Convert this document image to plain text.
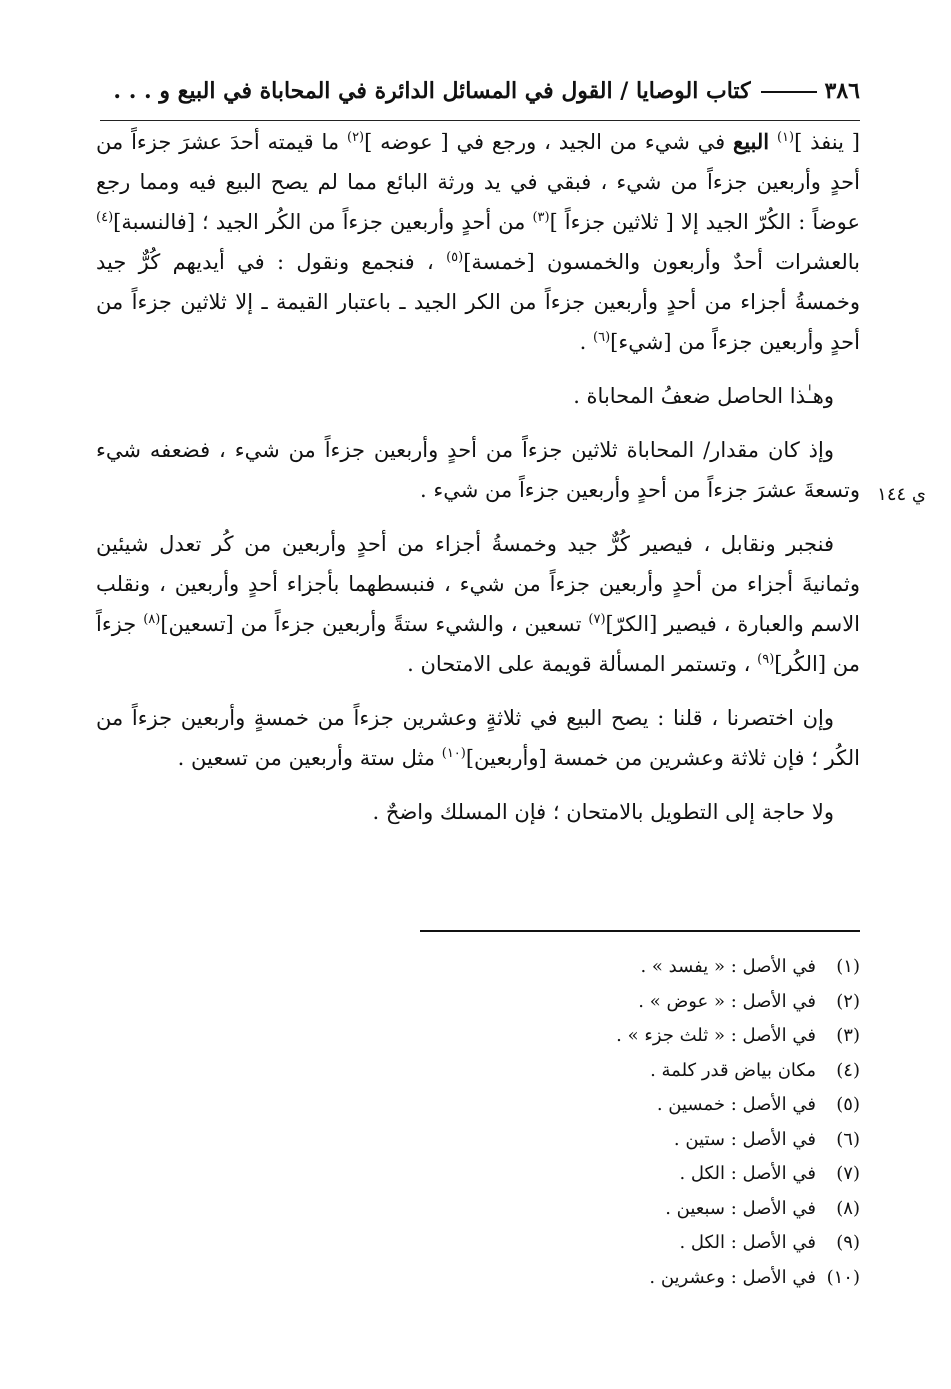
٣٨٦كتاب الوصايا / القول في المسائل الدائرة في المحاباة في البيع و . . .
ي ١٤٤

[ ينفذ ]$^{(١)}$ البيع في شيء من الجيد ، ورجع في [ عوضه ]$^{(٢)}$ ما قيمته أحدَ عشرَ جزءاً من أحدٍ وأربعين جزءاً من شيء ، فبقي في يد ورثة البائع مما لم يصح البيع فيه ومما رجع عوضاً : الكُرّ الجيد إلا [ ثلاثين جزءاً ]$^{(٣)}$ من أحدٍ وأربعين جزءاً من الكُر الجيد ؛ [فالنسبة]$^{(٤)}$ بالعشرات أحدٌ وأربعون والخمسون [خمسة]$^{(٥)}$ ، فنجمع ونقول : في أيديهم كُرٌّ جيد وخمسةُ أجزاء من أحدٍ وأربعين جزءاً من الكر الجيد ـ باعتبار القيمة ـ إلا ثلاثين جزءاً من أحدٍ وأربعين جزءاً من [شيء]$^{(٦)}$ .

وهـٰذا الحاصل ضعفُ المحاباة .

وإذ كان مقدار/ المحاباة ثلاثين جزءاً من أحدٍ وأربعين جزءاً من شيء ، فضعفه شيء وتسعةَ عشرَ جزءاً من أحدٍ وأربعين جزءاً من شيء .

فنجبر ونقابل ، فيصير كُرٌّ جيد وخمسةُ أجزاء من أحدٍ وأربعين من كُر تعدل شيئين وثمانيةَ أجزاء من أحدٍ وأربعين جزءاً من شيء ، فنبسطهما بأجزاء أحدٍ وأربعين ، ونقلب الاسم والعبارة ، فيصير [الكرّ]$^{(٧)}$ تسعين ، والشيء ستةً وأربعين جزءاً من [تسعين]$^{(٨)}$ جزءاً من [الكُر]$^{(٩)}$ ، وتستمر المسألة قويمة على الامتحان .

وإن اختصرنا ، قلنا : يصح البيع في ثلاثةٍ وعشرين جزءاً من خمسةٍ وأربعين جزءاً من الكُر ؛ فإن ثلاثة وعشرين من خمسة [وأربعين]$^{(١٠)}$ مثل ستة وأربعين من تسعين .

ولا حاجة إلى التطويل بالامتحان ؛ فإن المسلك واضحٌ .

(١)في الأصل : « يفسد » .
(٢)في الأصل : « عوض » .
(٣)في الأصل : « ثلث جزء » .
(٤)مكان بياض قدر كلمة .
(٥)في الأصل : خمسين .
(٦)في الأصل : ستين .
(٧)في الأصل : الكل .
(٨)في الأصل : سبعين .
(٩)في الأصل : الكل .
(١٠)في الأصل : وعشرين .
